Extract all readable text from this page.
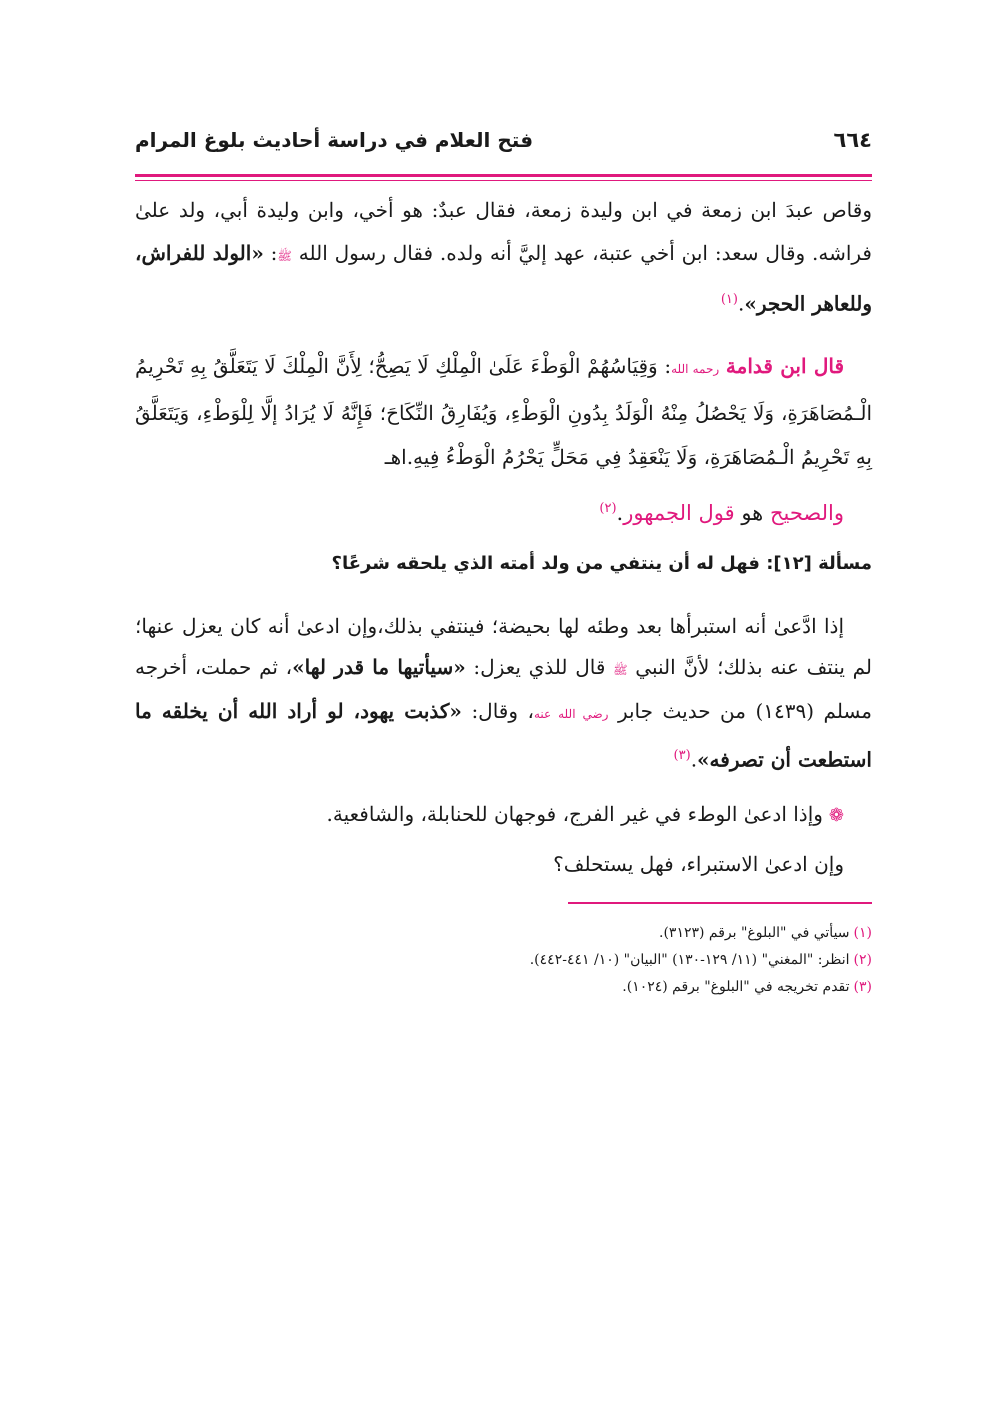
٦٦٤
فتح العلام في دراسة أحاديث بلوغ المرام

وقاص عبدَ ابن زمعة في ابن وليدة زمعة، فقال عبدٌ: هو أخي، وابن وليدة أبي، ولد علىٰ فراشه. وقال سعد: ابن أخي عتبة، عهد إليَّ أنه ولده. فقال رسول الله ﷺ: «الولد للفراش، وللعاهر الحجر».$^{(١)}$

قال ابن قدامة رحمه الله: وَقِيَاسُهُمْ الْوَطْءَ عَلَىٰ الْمِلْكِ لَا يَصِحُّ؛ لِأَنَّ الْمِلْكَ لَا يَتَعَلَّقُ بِهِ تَحْرِيمُ الْـمُصَاهَرَةِ، وَلَا يَحْصُلُ مِنْهُ الْوَلَدُ بِدُونِ الْوَطْءِ، وَيُفَارِقُ النِّكَاحَ؛ فَإِنَّهُ لَا يُرَادُ إلَّا لِلْوَطْءِ، وَيَتَعَلَّقُ بِهِ تَحْرِيمُ الْـمُصَاهَرَةِ، وَلَا يَنْعَقِدُ فِي مَحَلٍّ يَحْرُمُ الْوَطْءُ فِيهِ.اهـ

والصحيح هو قول الجمهور.$^{(٢)}$

مسألة [١٢]: فهل له أن ينتفي من ولد أمته الذي يلحقه شرعًا؟

إذا ادَّعىٰ أنه استبرأها بعد وطئه لها بحيضة؛ فينتفي بذلك،وإن ادعىٰ أنه كان يعزل عنها؛ لم ينتف عنه بذلك؛ لأنَّ النبي ﷺ قال للذي يعزل: «سيأتيها ما قدر لها»، ثم حملت، أخرجه مسلم (١٤٣٩) من حديث جابر رضي الله عنه، وقال: «كذبت يهود، لو أراد الله أن يخلقه ما استطعت أن تصرفه».$^{(٣)}$

❁وإذا ادعىٰ الوطء في غير الفرج، فوجهان للحنابلة، والشافعية.

وإن ادعىٰ الاستبراء، فهل يستحلف؟

(١)سيأتي في "البلوغ" برقم (٣١٢٣).
(٢)انظر: "المغني" (١١/ ١٢٩-١٣٠) "البيان" (١٠/ ٤٤١-٤٤٢).
(٣)تقدم تخريجه في "البلوغ" برقم (١٠٢٤).
